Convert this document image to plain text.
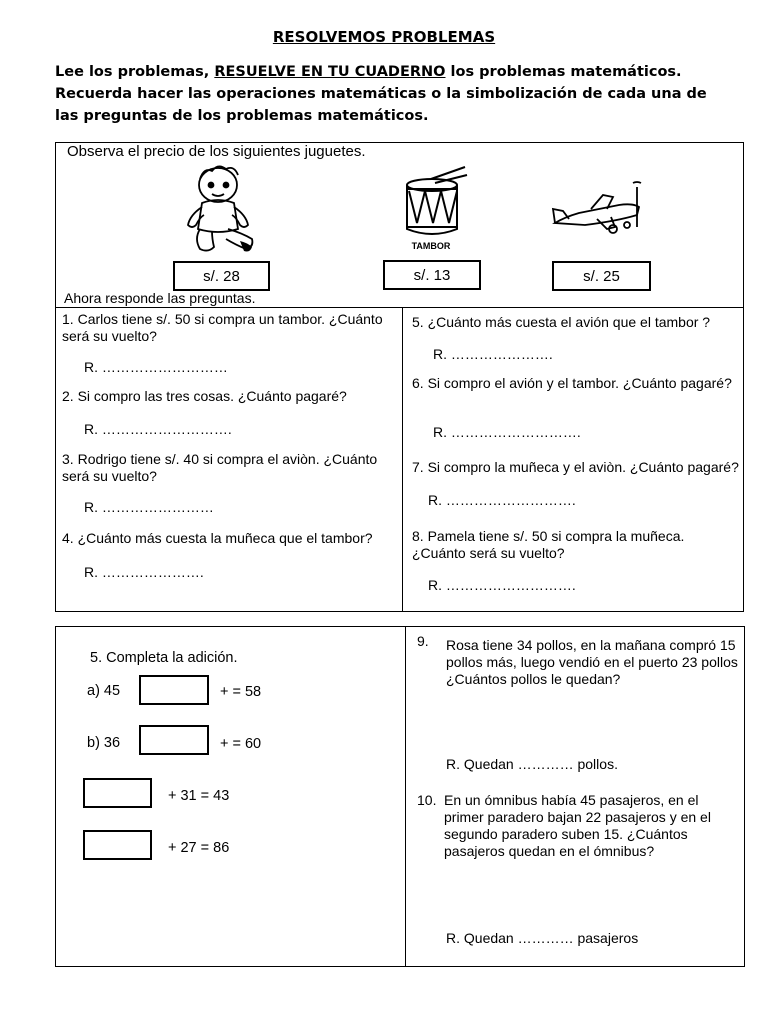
RESOLVEMOS PROBLEMAS
Lee los problemas, RESUELVE EN TU CUADERNO los problemas matemáticos. Recuerda hacer las operaciones matemáticas o la simbolización de cada una de las preguntas de los problemas matemáticos.
Observa el precio de los siguientes juguetes.
TAMBOR
s/. 28	s/. 13	s/. 25
Ahora responde las preguntas.
1. Carlos tiene s/. 50 si compra un tambor. ¿Cuánto será su vuelto?
R. ………………………
2. Si compro las tres cosas. ¿Cuánto pagaré?
R. ……………………….
3. Rodrigo tiene s/. 40 si compra el aviòn. ¿Cuánto será su vuelto?
R. ……………………
4. ¿Cuánto más cuesta la muñeca que el tambor?
R. ………………….
5. ¿Cuánto más cuesta el avión que el tambor ?
R. ………………….
6. Si compro el avión y el tambor. ¿Cuánto pagaré?
R. ……………………….
7. Si compro la muñeca y el aviòn. ¿Cuánto pagaré?
R. ……………………….
8. Pamela tiene s/. 50 si compra la muñeca. ¿Cuánto será su vuelto?
R. ……………………….
5. Completa la adición.
a) 45	+ = 58
b) 36	+ = 60
+ 31 = 43
+ 27 = 86
9.	Rosa tiene 34 pollos, en la mañana compró 15 pollos más, luego vendió en el puerto 23 pollos ¿Cuántos pollos le quedan?
R. Quedan ………… pollos.
10. En un ómnibus había 45 pasajeros, en el primer paradero bajan 22 pasajeros y en el segundo paradero suben 15. ¿Cuántos pasajeros quedan en el ómnibus?
R. Quedan ………… pasajeros
